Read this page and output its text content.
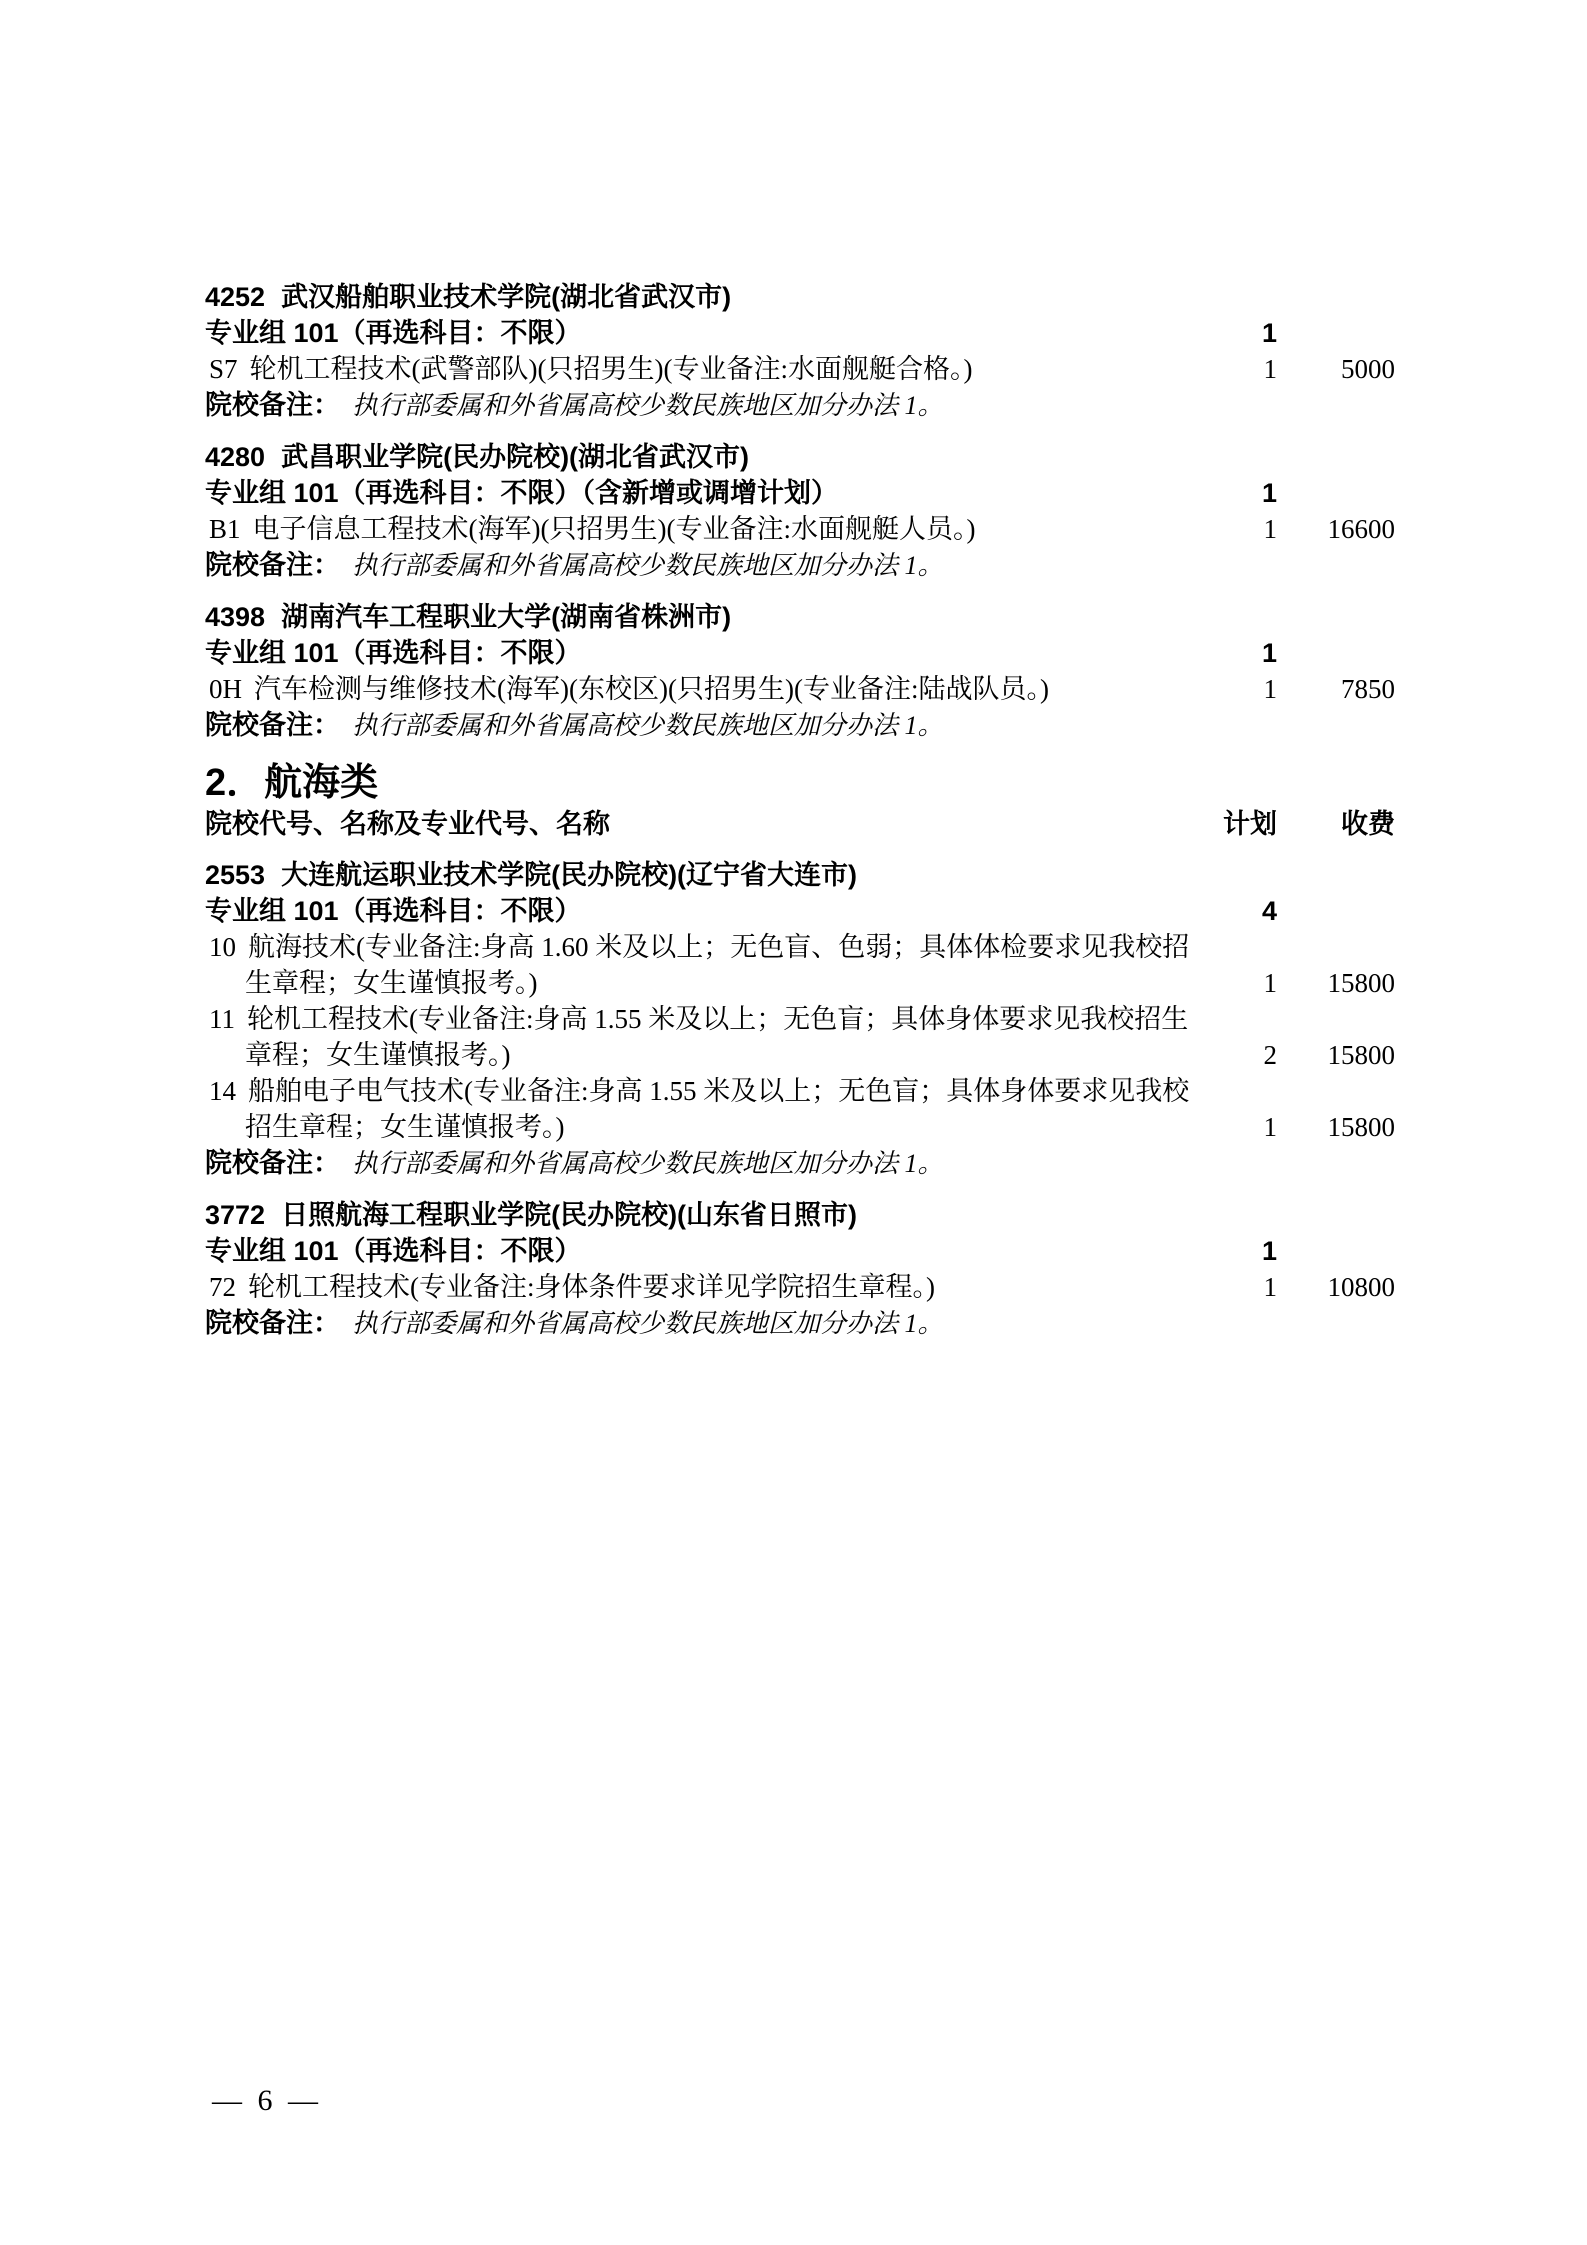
4252 武汉船舶职业技术学院(湖北省武汉市)
专业组 101（再选科目：不限）	1
S7 轮机工程技术(武警部队)(只招男生)(专业备注:水面舰艇合格。)	1	5000
院校备注： 执行部委属和外省属高校少数民族地区加分办法 1。
4280 武昌职业学院(民办院校)(湖北省武汉市)
专业组 101（再选科目：不限）（含新增或调增计划）	1
B1 电子信息工程技术(海军)(只招男生)(专业备注:水面舰艇人员。)	1	16600
院校备注： 执行部委属和外省属高校少数民族地区加分办法 1。
4398 湖南汽车工程职业大学(湖南省株洲市)
专业组 101（再选科目：不限）	1
0H 汽车检测与维修技术(海军)(东校区)(只招男生)(专业备注:陆战队员。)	1	7850
院校备注： 执行部委属和外省属高校少数民族地区加分办法 1。
2．航海类
院校代号、名称及专业代号、名称	计划	收费
2553 大连航运职业技术学院(民办院校)(辽宁省大连市)
专业组 101（再选科目：不限）	4
10 航海技术(专业备注:身高 1.60 米及以上；无色盲、色弱；具体体检要求见我校招生章程；女生谨慎报考。)	1	15800
11 轮机工程技术(专业备注:身高 1.55 米及以上；无色盲；具体身体要求见我校招生章程；女生谨慎报考。)	2	15800
14 船舶电子电气技术(专业备注:身高 1.55 米及以上；无色盲；具体身体要求见我校招生章程；女生谨慎报考。)	1	15800
院校备注： 执行部委属和外省属高校少数民族地区加分办法 1。
3772 日照航海工程职业学院(民办院校)(山东省日照市)
专业组 101（再选科目：不限）	1
72 轮机工程技术(专业备注:身体条件要求详见学院招生章程。)	1	10800
院校备注： 执行部委属和外省属高校少数民族地区加分办法 1。
— 6 —
